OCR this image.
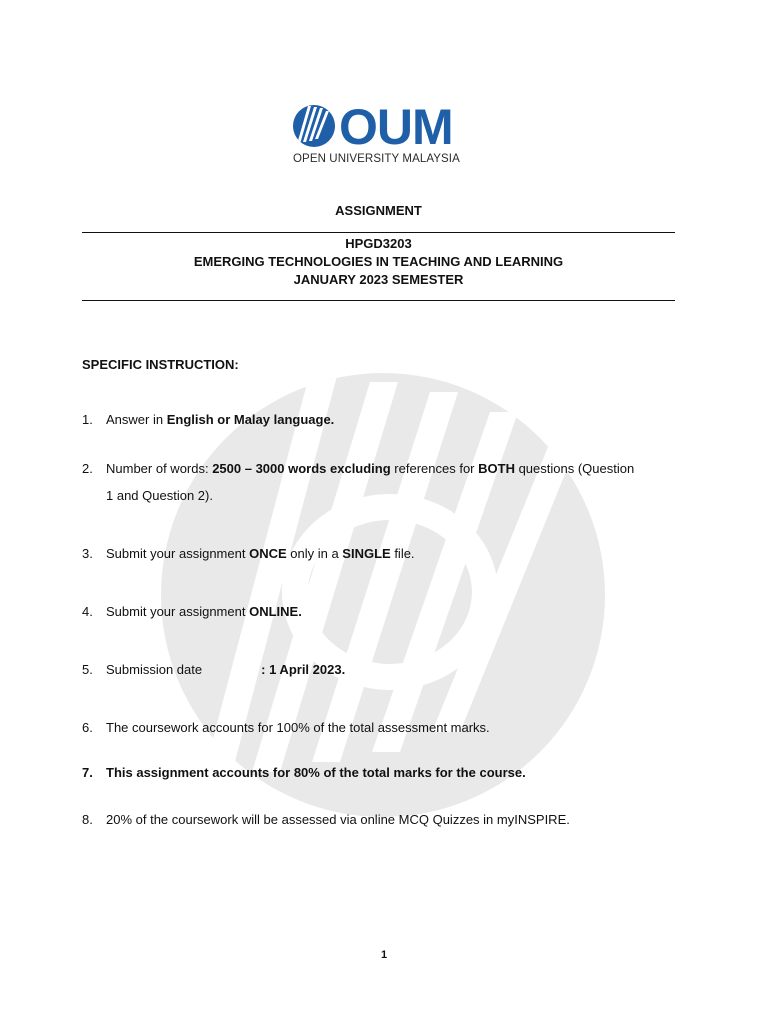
OUM
OPEN UNIVERSITY MALAYSIA
ASSIGNMENT
HPGD3203
EMERGING TECHNOLOGIES IN TEACHING AND LEARNING
JANUARY 2023 SEMESTER
SPECIFIC INSTRUCTION:
1. Answer in English or Malay language.
2. Number of words: 2500 – 3000 words excluding references for BOTH questions (Question
1 and Question 2).
3. Submit your assignment ONCE only in a SINGLE file.
4. Submit your assignment ONLINE.
5. Submission date	: 1 April 2023.
6. The coursework accounts for 100% of the total assessment marks.
7. This assignment accounts for 80% of the total marks for the course.
8. 20% of the coursework will be assessed via online MCQ Quizzes in myINSPIRE.
1
